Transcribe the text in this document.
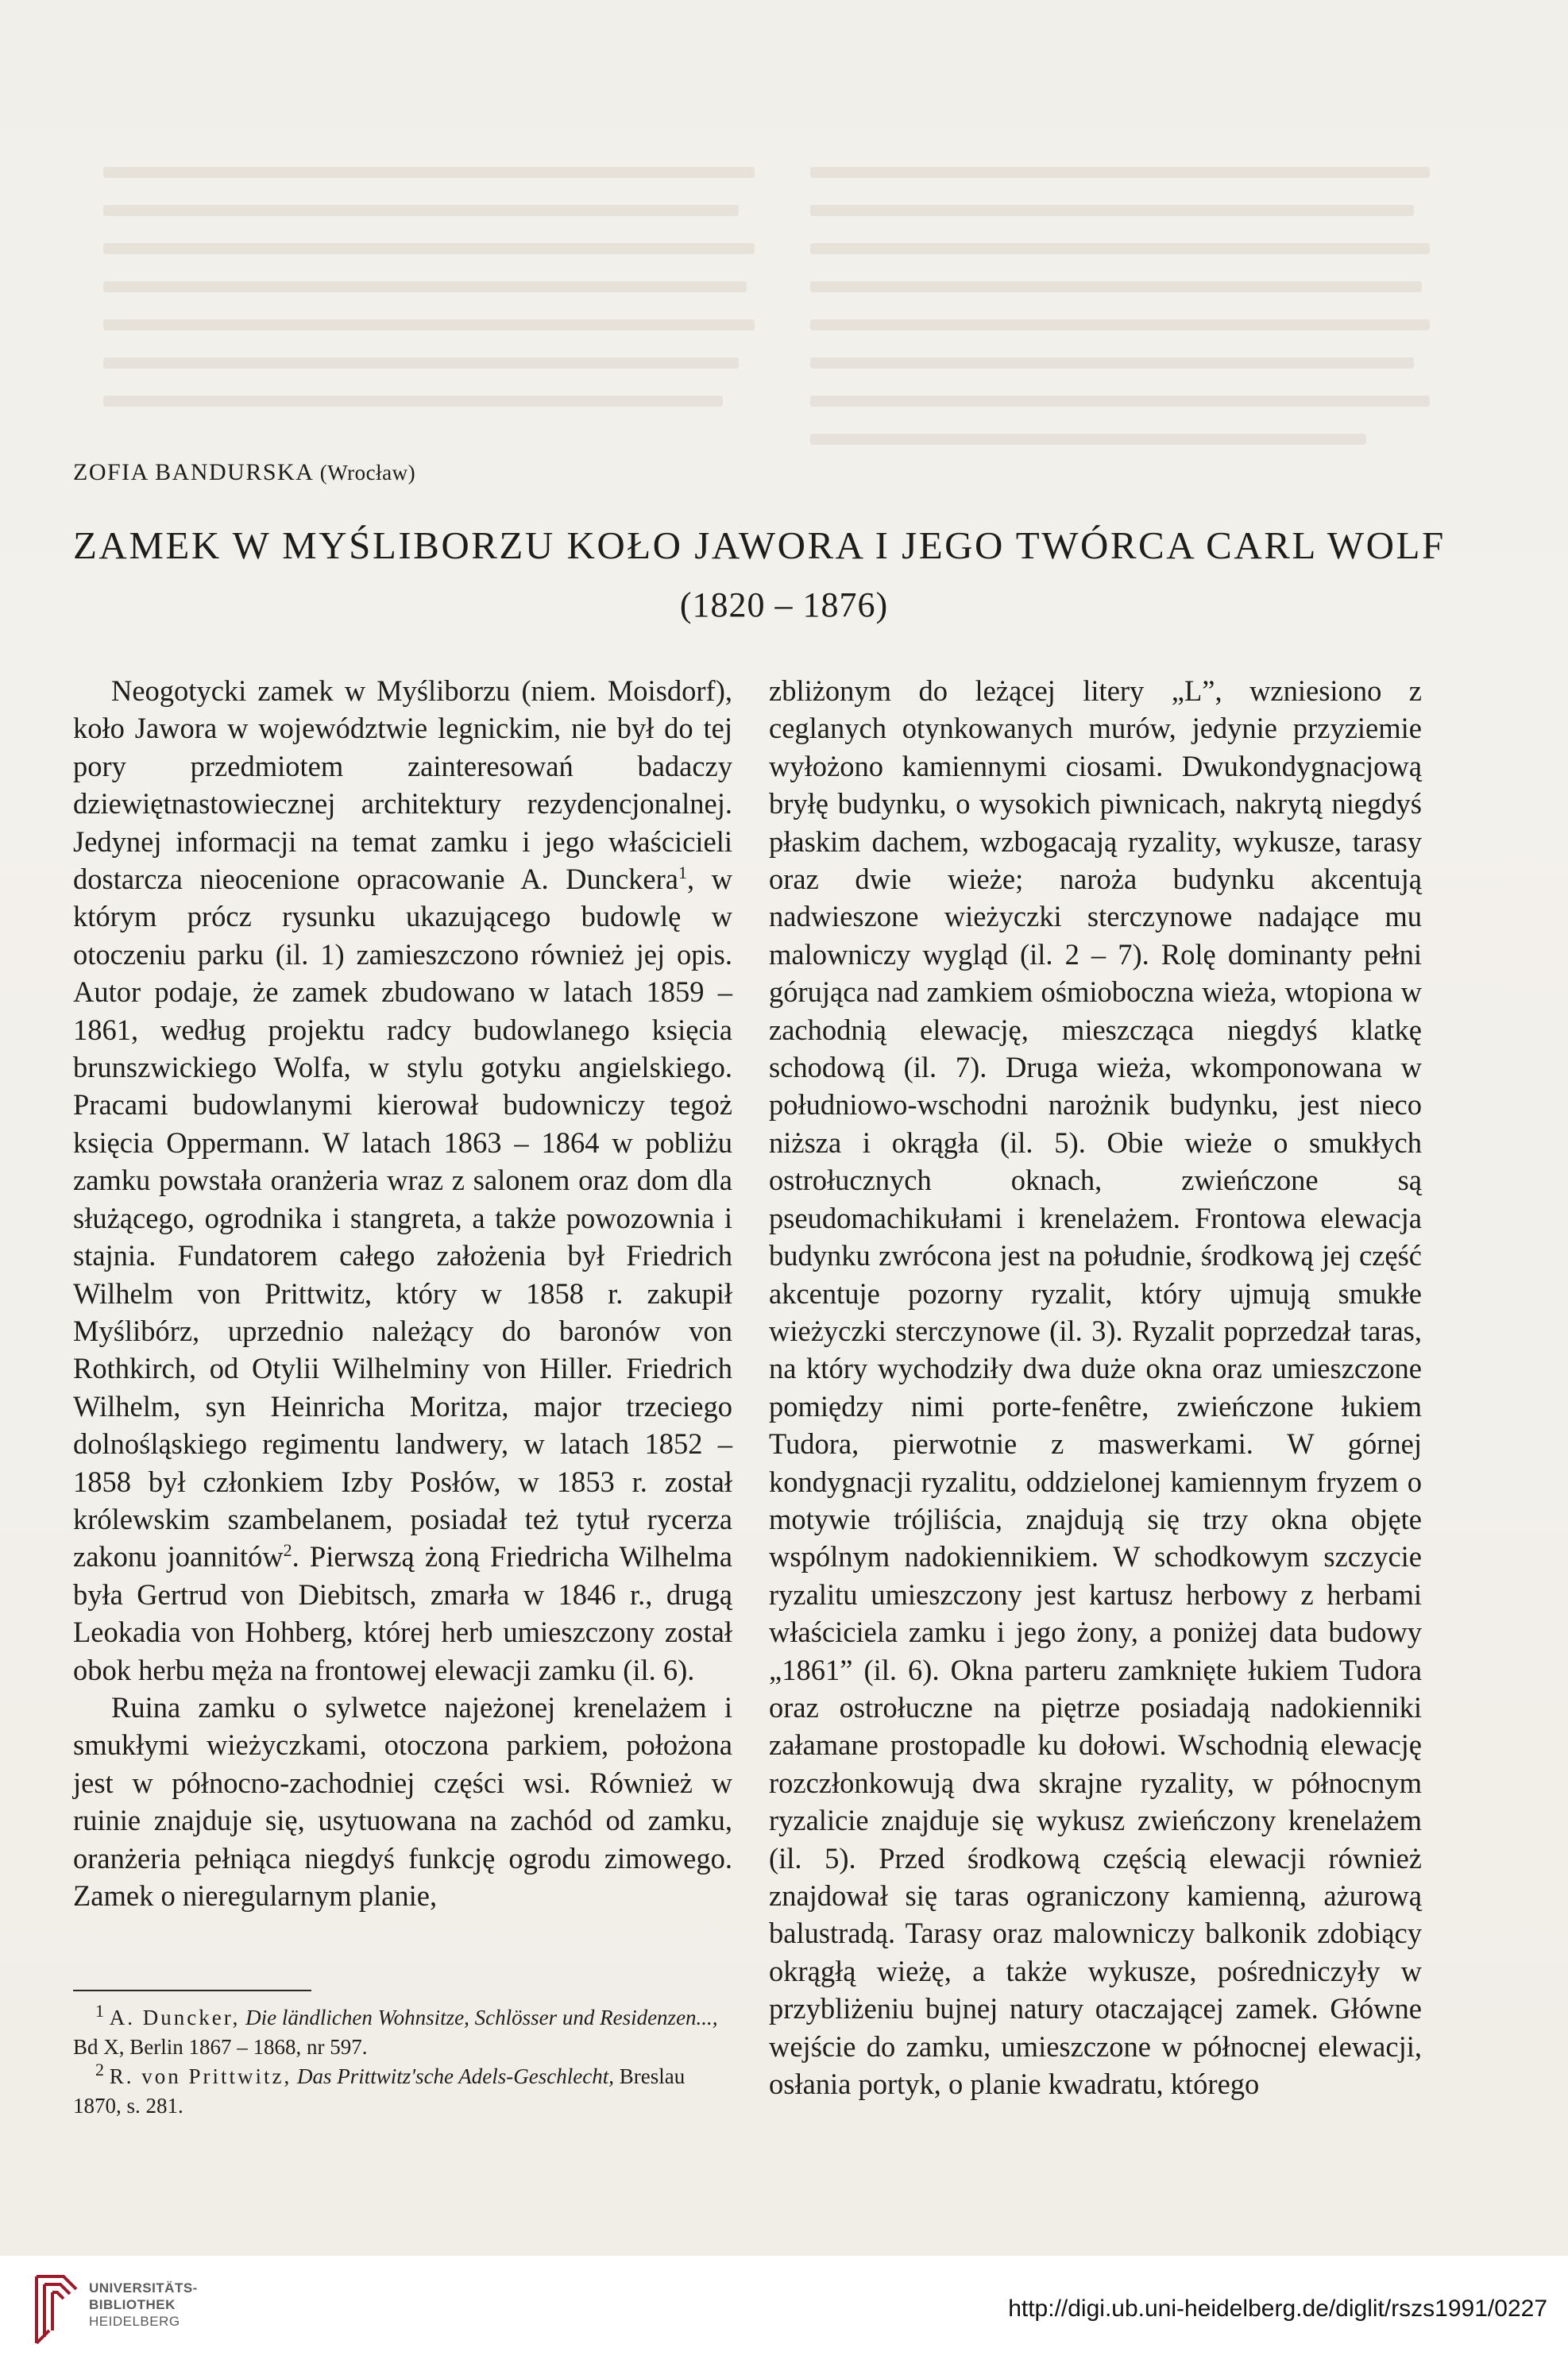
ZOFIA BANDURSKA (Wrocław)
ZAMEK W MYŚLIBORZU KOŁO JAWORA I JEGO TWÓRCA CARL WOLF
(1820 – 1876)

Neogotycki zamek w Myśliborzu (niem. Moisdorf), koło Jawora w województwie legnickim, nie był do tej pory przedmiotem zainteresowań badaczy dziewiętnastowiecznej architektury rezydencjonalnej. Jedynej informacji na temat zamku i jego właścicieli dostarcza nieocenione opracowanie A. Dunckera$^1$, w którym prócz rysunku ukazującego budowlę w otoczeniu parku (il. 1) zamieszczono również jej opis. Autor podaje, że zamek zbudowano w latach 1859 – 1861, według projektu radcy budowlanego księcia brunszwickiego Wolfa, w stylu gotyku angielskiego. Pracami budowlanymi kierował budowniczy tegoż księcia Oppermann. W latach 1863 – 1864 w pobliżu zamku powstała oranżeria wraz z salonem oraz dom dla służącego, ogrodnika i stangreta, a także powozownia i stajnia. Fundatorem całego założenia był Friedrich Wilhelm von Prittwitz, który w 1858 r. zakupił Myślibórz, uprzednio należący do baronów von Rothkirch, od Otylii Wilhelminy von Hiller. Friedrich Wilhelm, syn Heinricha Moritza, major trzeciego dolnośląskiego regimentu landwery, w latach 1852 – 1858 był członkiem Izby Posłów, w 1853 r. został królewskim szambelanem, posiadał też tytuł rycerza zakonu joannitów$^2$. Pierwszą żoną Friedricha Wilhelma była Gertrud von Diebitsch, zmarła w 1846 r., drugą Leokadia von Hohberg, której herb umieszczony został obok herbu męża na frontowej elewacji zamku (il. 6).

Ruina zamku o sylwetce najeżonej krenelażem i smukłymi wieżyczkami, otoczona parkiem, położona jest w północno-zachodniej części wsi. Również w ruinie znajduje się, usytuowana na zachód od zamku, oranżeria pełniąca niegdyś funkcję ogrodu zimowego. Zamek o nieregularnym planie,

zbliżonym do leżącej litery „L”, wzniesiono z ceglanych otynkowanych murów, jedynie przyziemie wyłożono kamiennymi ciosami. Dwukondygnacjową bryłę budynku, o wysokich piwnicach, nakrytą niegdyś płaskim dachem, wzbogacają ryzality, wykusze, tarasy oraz dwie wieże; naroża budynku akcentują nadwieszone wieżyczki sterczynowe nadające mu malowniczy wygląd (il. 2 – 7). Rolę dominanty pełni górująca nad zamkiem ośmioboczna wieża, wtopiona w zachodnią elewację, mieszcząca niegdyś klatkę schodową (il. 7). Druga wieża, wkomponowana w południowo-wschodni narożnik budynku, jest nieco niższa i okrągła (il. 5). Obie wieże o smukłych ostrołucznych oknach, zwieńczone są pseudomachikułami i krenelażem. Frontowa elewacja budynku zwrócona jest na południe, środkową jej część akcentuje pozorny ryzalit, który ujmują smukłe wieżyczki sterczynowe (il. 3). Ryzalit poprzedzał taras, na który wychodziły dwa duże okna oraz umieszczone pomiędzy nimi porte-fenêtre, zwieńczone łukiem Tudora, pierwotnie z maswerkami. W górnej kondygnacji ryzalitu, oddzielonej kamiennym fryzem o motywie trójliścia, znajdują się trzy okna objęte wspólnym nadokiennikiem. W schodkowym szczycie ryzalitu umieszczony jest kartusz herbowy z herbami właściciela zamku i jego żony, a poniżej data budowy „1861” (il. 6). Okna parteru zamknięte łukiem Tudora oraz ostrołuczne na piętrze posiadają nadokienniki załamane prostopadle ku dołowi. Wschodnią elewację rozczłonkowują dwa skrajne ryzality, w północnym ryzalicie znajduje się wykusz zwieńczony krenelażem (il. 5). Przed środkową częścią elewacji również znajdował się taras ograniczony kamienną, ażurową balustradą. Tarasy oraz malowniczy balkonik zdobiący okrągłą wieżę, a także wykusze, pośredniczyły w przybliżeniu bujnej natury otaczającej zamek. Główne wejście do zamku, umieszczone w północnej elewacji, osłania portyk, o planie kwadratu, którego

$^1$ A. Duncker, Die ländlichen Wohnsitze, Schlösser und Residenzen..., Bd X, Berlin 1867 – 1868, nr 597.

$^2$ R. von Prittwitz, Das Prittwitz'sche Adels-Geschlecht, Breslau 1870, s. 281.

UNIVERSITÄTS-
BIBLIOTHEK
HEIDELBERG	http://digi.ub.uni-heidelberg.de/diglit/rszs1991/0227
